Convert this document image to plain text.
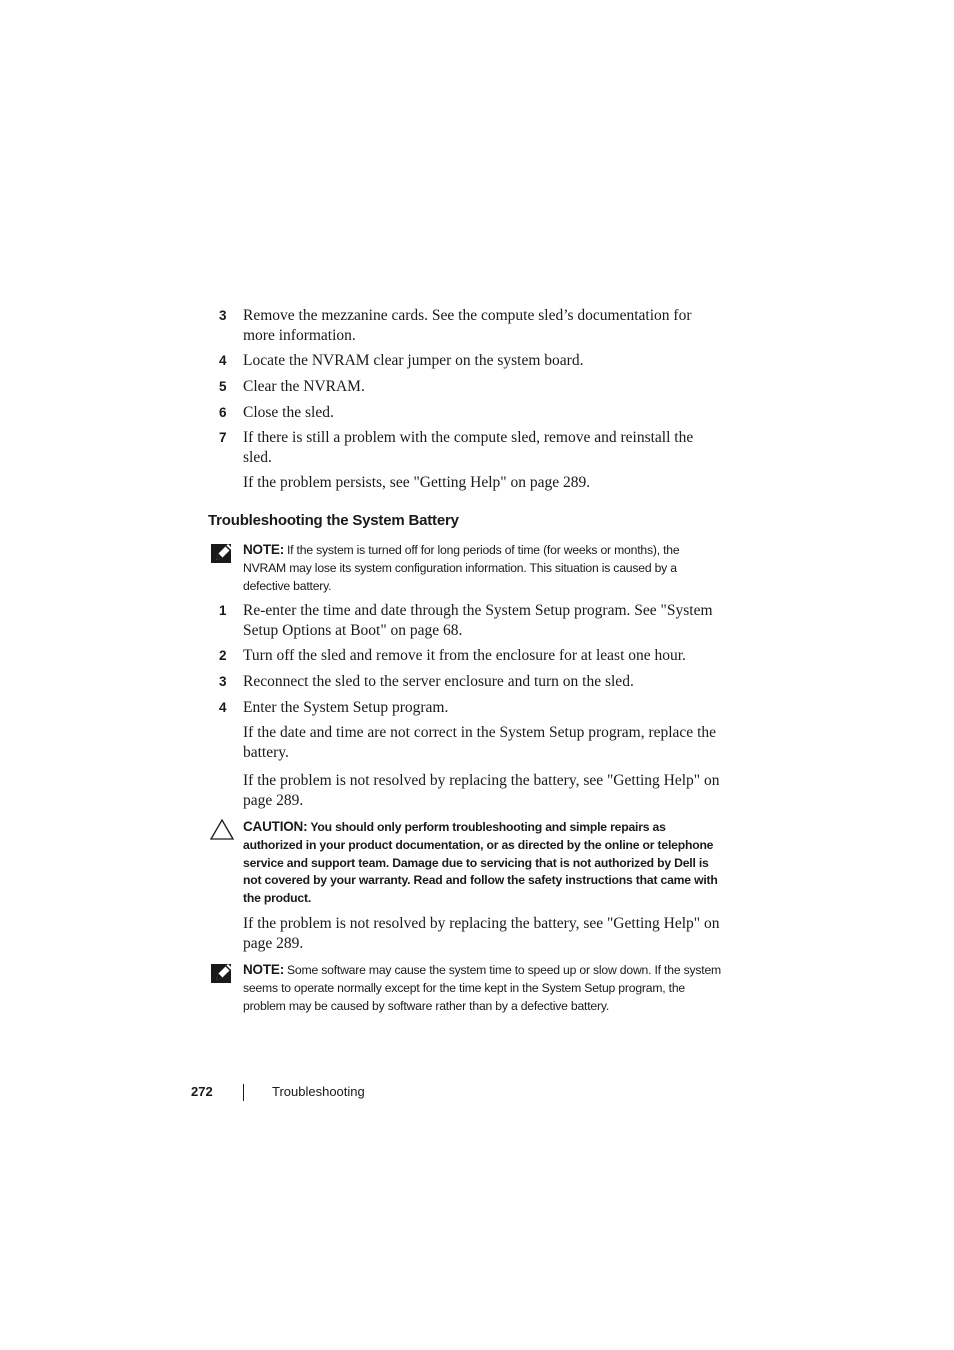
3	Remove the mezzanine cards. See the compute sled’s documentation for more information.
4	Locate the NVRAM clear jumper on the system board.
5	Clear the NVRAM.
6	Close the sled.
7	If there is still a problem with the compute sled, remove and reinstall the sled.
If the problem persists, see "Getting Help" on page 289.
Troubleshooting the System Battery
NOTE: If the system is turned off for long periods of time (for weeks or months), the NVRAM may lose its system configuration information. This situation is caused by a defective battery.
1	Re-enter the time and date through the System Setup program. See "System Setup Options at Boot" on page 68.
2	Turn off the sled and remove it from the enclosure for at least one hour.
3	Reconnect the sled to the server enclosure and turn on the sled.
4	Enter the System Setup program.
If the date and time are not correct in the System Setup program, replace the battery.
If the problem is not resolved by replacing the battery, see "Getting Help" on page 289.
CAUTION: You should only perform troubleshooting and simple repairs as authorized in your product documentation, or as directed by the online or telephone service and support team. Damage due to servicing that is not authorized by Dell is not covered by your warranty. Read and follow the safety instructions that came with the product.
If the problem is not resolved by replacing the battery, see "Getting Help" on page 289.
NOTE: Some software may cause the system time to speed up or slow down. If the system seems to operate normally except for the time kept in the System Setup program, the problem may be caused by software rather than by a defective battery.
272	Troubleshooting
